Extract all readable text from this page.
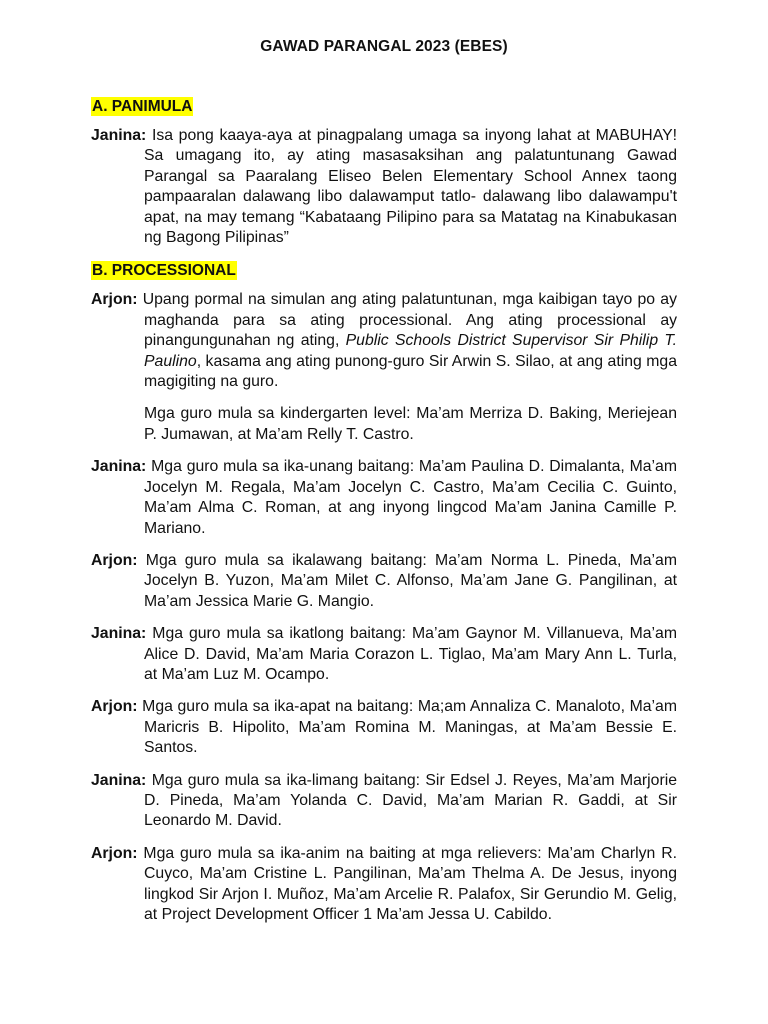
GAWAD PARANGAL 2023 (EBES)
A. PANIMULA

Janina: Isa pong kaaya-aya at pinagpalang umaga sa inyong lahat at MABUHAY! Sa umagang ito, ay ating masasaksihan ang palatuntunang Gawad Parangal sa Paaralang Eliseo Belen Elementary School Annex taong pampaaralan dalawang libo dalawamput tatlo- dalawang libo dalawampu't apat, na may temang “Kabataang Pilipino para sa Matatag na Kinabukasan ng Bagong Pilipinas”

B. PROCESSIONAL

Arjon: Upang pormal na simulan ang ating palatuntunan, mga kaibigan tayo po ay maghanda para sa ating processional. Ang ating processional ay pinangungunahan ng ating, Public Schools District Supervisor Sir Philip T. Paulino, kasama ang ating punong-guro Sir Arwin S. Silao, at ang ating mga magigiting na guro.

Mga guro mula sa kindergarten level: Ma’am Merriza D. Baking, Meriejean P. Jumawan, at Ma’am Relly T. Castro.

Janina: Mga guro mula sa ika-unang baitang: Ma’am Paulina D. Dimalanta, Ma’am Jocelyn M. Regala, Ma’am Jocelyn C. Castro, Ma’am Cecilia C. Guinto, Ma’am Alma C. Roman, at ang inyong lingcod Ma’am Janina Camille P. Mariano.

Arjon: Mga guro mula sa ikalawang baitang: Ma’am Norma L. Pineda, Ma’am Jocelyn B. Yuzon, Ma’am Milet C. Alfonso, Ma’am Jane G. Pangilinan, at Ma’am Jessica Marie G. Mangio.

Janina: Mga guro mula sa ikatlong baitang: Ma’am Gaynor M. Villanueva, Ma’am Alice D. David, Ma’am Maria Corazon L. Tiglao, Ma’am Mary Ann L. Turla, at Ma’am Luz M. Ocampo.

Arjon: Mga guro mula sa ika-apat na baitang: Ma;am Annaliza C. Manaloto, Ma’am Maricris B. Hipolito, Ma’am Romina M. Maningas, at Ma’am Bessie E. Santos.

Janina: Mga guro mula sa ika-limang baitang: Sir Edsel J. Reyes, Ma’am Marjorie D. Pineda, Ma’am Yolanda C. David, Ma’am Marian R. Gaddi, at Sir Leonardo M. David.

Arjon: Mga guro mula sa ika-anim na baiting at mga relievers: Ma’am Charlyn R. Cuyco, Ma’am Cristine L. Pangilinan, Ma’am Thelma A. De Jesus, inyong lingkod Sir Arjon I. Muñoz, Ma’am Arcelie R. Palafox, Sir Gerundio M. Gelig, at Project Development Officer 1 Ma’am Jessa U. Cabildo.
